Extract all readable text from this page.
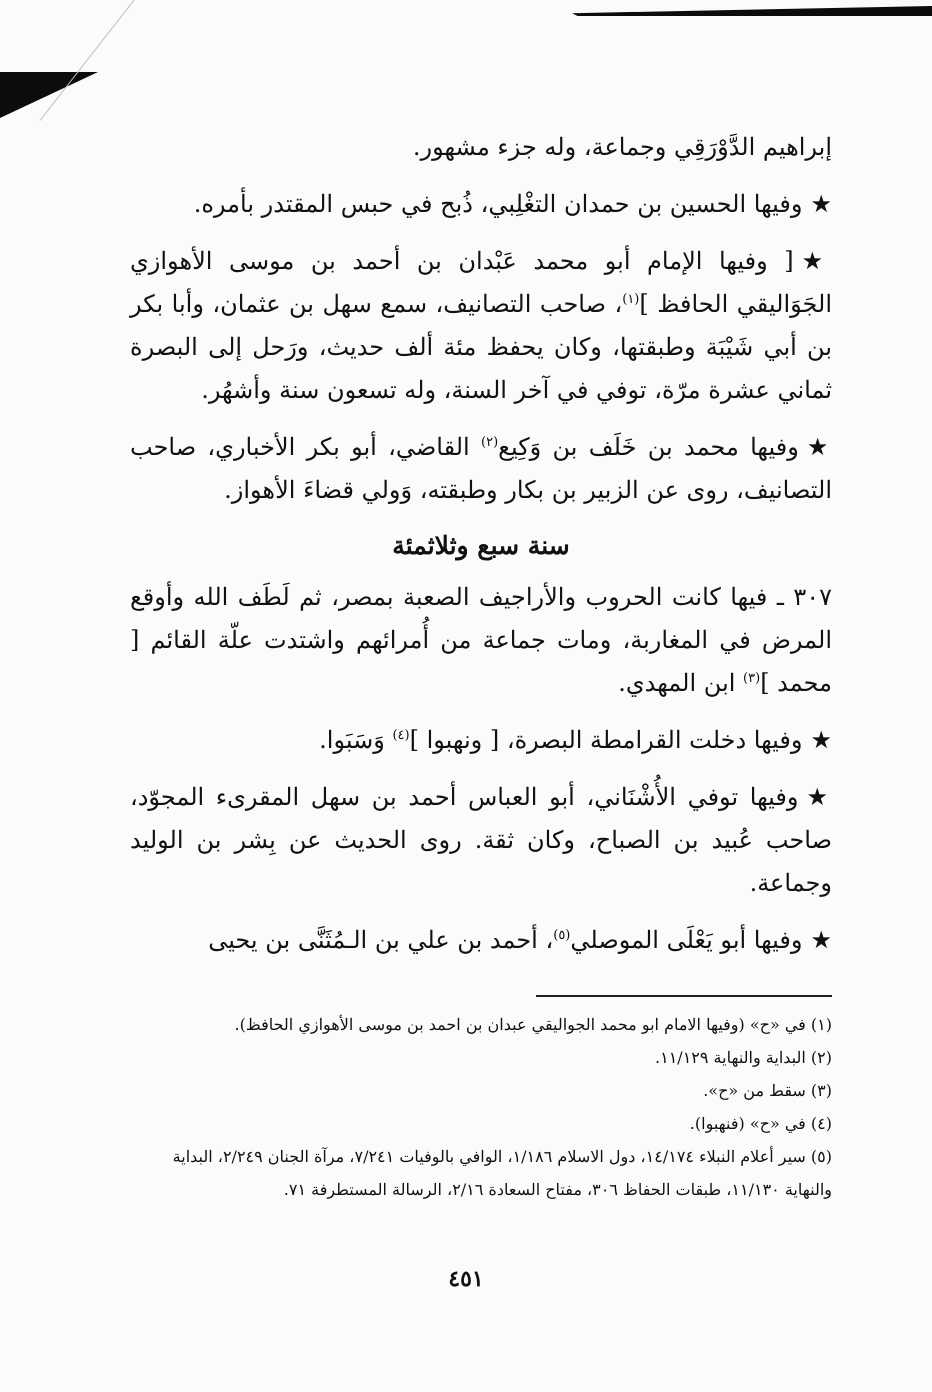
إبراهيم الدَّوْرَقِي وجماعة، وله جزء مشهور.

★وفيها الحسين بن حمدان التغْلِبي، ذُبح في حبس المقتدر بأمره.

★[ وفيها الإمام أبو محمد عَبْدان بن أحمد بن موسى الأهوازي الجَوَاليقي الحافظ ]$^{(١)}$، صاحب التصانيف، سمع سهل بن عثمان، وأبا بكر بن أبي شَيْبَة وطبقتها، وكان يحفظ مئة ألف حديث، ورَحل إلى البصرة ثماني عشرة مرّة، توفي في آخر السنة، وله تسعون سنة وأشهُر.

★وفيها محمد بن خَلَف بن وَكِيع$^{(٢)}$ القاضي، أبو بكر الأخباري، صاحب التصانيف، روى عن الزبير بن بكار وطبقته، وَولي قضاءَ الأهواز.

سنة سبع وثلاثمئة

٣٠٧ ـ فيها كانت الحروب والأراجيف الصعبة بمصر، ثم لَطَف الله وأوقع المرض في المغاربة، ومات جماعة من أُمرائهم واشتدت علّة القائم [ محمد ]$^{(٣)}$ ابن المهدي.

★وفيها دخلت القرامطة البصرة، [ ونهبوا ]$^{(٤)}$ وَسَبَوا.

★وفيها توفي الأُشْنَاني، أبو العباس أحمد بن سهل المقرىء المجوّد، صاحب عُبيد بن الصباح، وكان ثقة. روى الحديث عن بِشر بن الوليد وجماعة.

★وفيها أبو يَعْلَى الموصلي$^{(٥)}$، أحمد بن علي بن الـمُثَنَّى بن يحيى

(١) في «ح» (وفيها الامام ابو محمد الجواليقي عبدان بن احمد بن موسى الأهوازي الحافظ).

(٢) البداية والنهاية ١١/١٢٩.

(٣) سقط من «ح».

(٤) في «ح» (فنهبوا).

(٥) سير أعلام النبلاء ١٤/١٧٤، دول الاسلام ١/١٨٦، الوافي بالوفيات ٧/٢٤١، مرآة الجنان ٢/٢٤٩، البداية والنهاية ١١/١٣٠، طبقات الحفاظ ٣٠٦، مفتاح السعادة ٢/١٦، الرسالة المستطرفة ٧١.

٤٥١
